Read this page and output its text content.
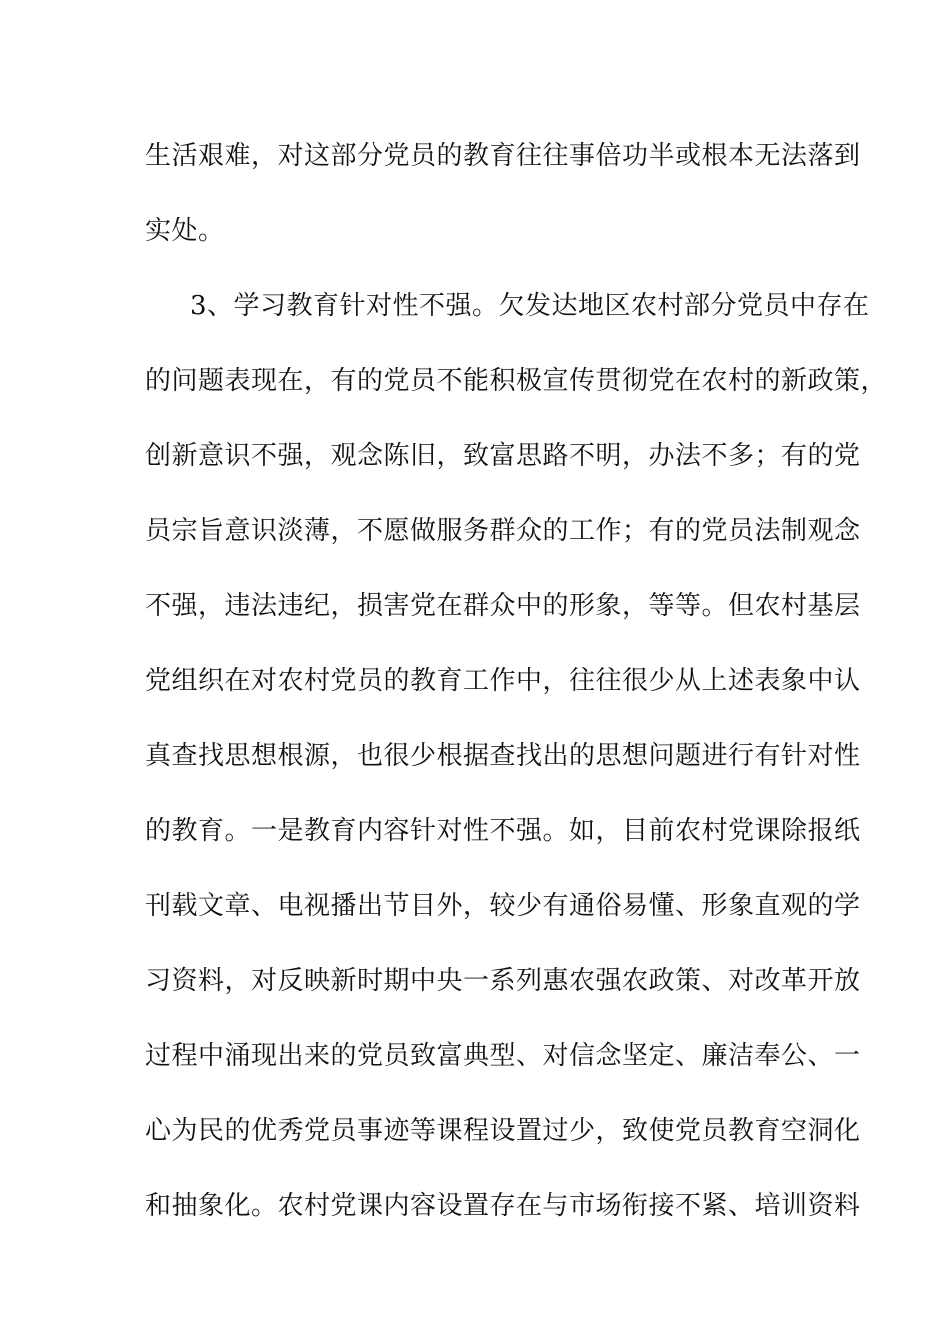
生活艰难，对这部分党员的教育往往事倍功半或根本无法落到
实处。
3、学习教育针对性不强。欠发达地区农村部分党员中存在
的问题表现在，有的党员不能积极宣传贯彻党在农村的新政策，
创新意识不强，观念陈旧，致富思路不明，办法不多；有的党
员宗旨意识淡薄，不愿做服务群众的工作；有的党员法制观念
不强，违法违纪，损害党在群众中的形象，等等。但农村基层
党组织在对农村党员的教育工作中，往往很少从上述表象中认
真查找思想根源，也很少根据查找出的思想问题进行有针对性
的教育。一是教育内容针对性不强。如，目前农村党课除报纸
刊载文章、电视播出节目外，较少有通俗易懂、形象直观的学
习资料，对反映新时期中央一系列惠农强农政策、对改革开放
过程中涌现出来的党员致富典型、对信念坚定、廉洁奉公、一
心为民的优秀党员事迹等课程设置过少，致使党员教育空洞化
和抽象化。农村党课内容设置存在与市场衔接不紧、培训资料
